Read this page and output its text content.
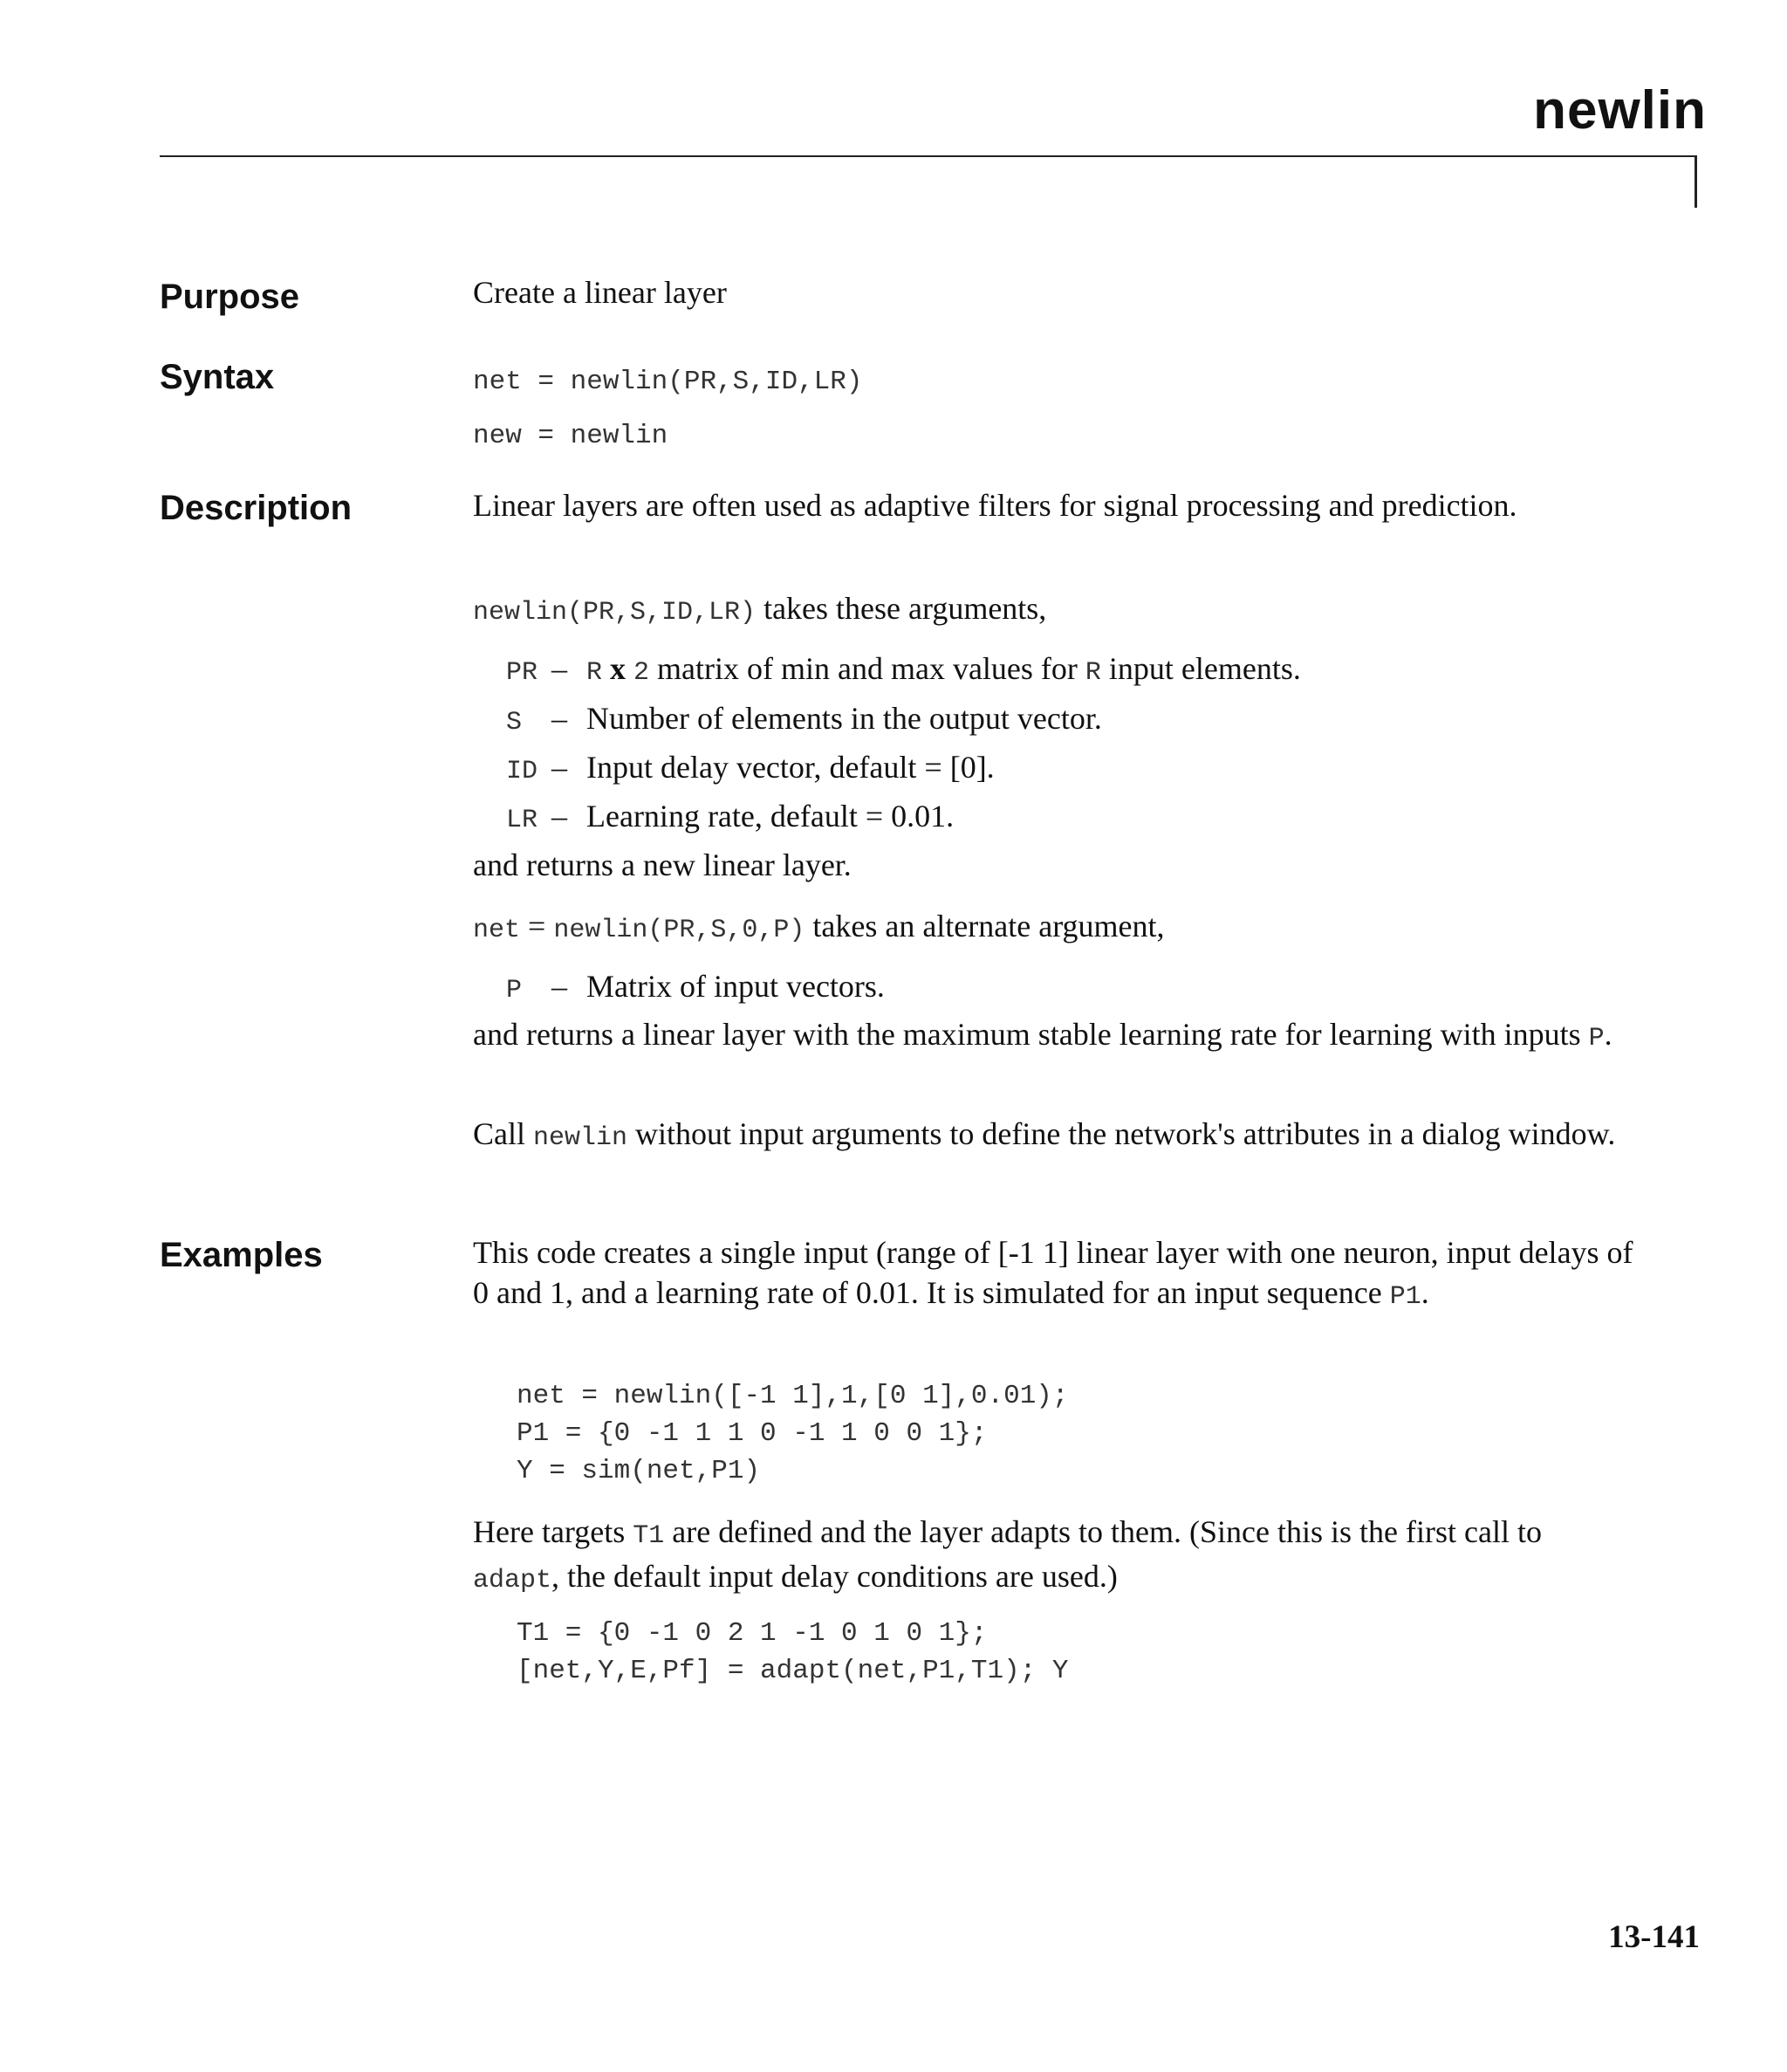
newlin
Purpose	Create a linear layer
Syntax	net = newlin(PR,S,ID,LR)
new = newlin
Description	Linear layers are often used as adaptive filters for signal processing and prediction.
newlin(PR,S,ID,LR) takes these arguments,
PR – R x 2 matrix of min and max values for R input elements.
S – Number of elements in the output vector.
ID – Input delay vector, default = [0].
LR – Learning rate, default = 0.01.
and returns a new linear layer.
net = newlin(PR,S,0,P) takes an alternate argument,
P – Matrix of input vectors.
and returns a linear layer with the maximum stable learning rate for learning with inputs P.
Call newlin without input arguments to define the network's attributes in a dialog window.
Examples	This code creates a single input (range of [-1 1] linear layer with one neuron, input delays of 0 and 1, and a learning rate of 0.01. It is simulated for an input sequence P1.
net = newlin([-1 1],1,[0 1],0.01);
P1 = {0 -1 1 1 0 -1 1 0 0 1};
Y = sim(net,P1)
Here targets T1 are defined and the layer adapts to them. (Since this is the first call to adapt, the default input delay conditions are used.)
T1 = {0 -1 0 2 1 -1 0 1 0 1};
[net,Y,E,Pf] = adapt(net,P1,T1); Y
13-141
